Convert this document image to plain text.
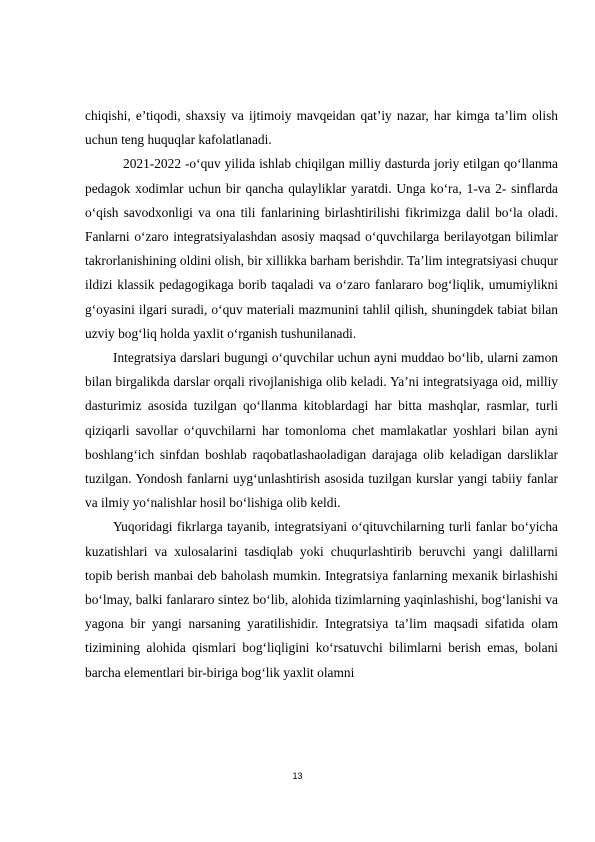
chiqishi, e’tiqodi, shaxsiy va ijtimoiy mavqeidan qat’iy nazar, har kimga ta’lim olish uchun teng huquqlar kafolatlanadi.

2021-2022 -o‘quv yilida ishlab chiqilgan milliy dasturda joriy etilgan qo‘llanma pedagok xodimlar uchun bir qancha qulayliklar yaratdi. Unga ko‘ra, 1-va 2- sinflarda o‘qish savodxonligi va ona tili fanlarining birlashtirilishi fikrimizga dalil bo‘la oladi. Fanlarni o‘zaro integratsiyalashdan asosiy maqsad o‘quvchilarga berilayotgan bilimlar takrorlanishining oldini olish, bir xillikka barham berishdir. Ta’lim integratsiyasi chuqur ildizi klassik pedagogikaga borib taqaladi va o‘zaro fanlararo bog‘liqlik, umumiylikni g‘oyasini ilgari suradi, o‘quv materiali mazmunini tahlil qilish, shuningdek tabiat bilan uzviy bog‘liq holda yaxlit o‘rganish tushunilanadi.

Integratsiya darslari bugungi o‘quvchilar uchun ayni muddao bo‘lib, ularni zamon bilan birgalikda darslar orqali rivojlanishiga olib keladi. Ya’ni integratsiyaga oid, milliy dasturimiz asosida tuzilgan qo‘llanma kitoblardagi har bitta mashqlar, rasmlar, turli qiziqarli savollar o‘quvchilarni har tomonloma chet mamlakatlar yoshlari bilan ayni boshlang‘ich sinfdan boshlab raqobatlashaoladigan darajaga olib keladigan darsliklar tuzilgan. Yondosh fanlarni uyg‘unlashtirish asosida tuzilgan kurslar yangi tabiiy fanlar va ilmiy yo‘nalishlar hosil bo‘lishiga olib keldi.

Yuqoridagi fikrlarga tayanib, integratsiyani o‘qituvchilarning turli fanlar bo‘yicha kuzatishlari va xulosalarini tasdiqlab yoki chuqurlashtirib beruvchi yangi dalillarni topib berish manbai deb baholash mumkin. Integratsiya fanlarning mexanik birlashishi bo‘lmay, balki fanlararo sintez bo‘lib, alohida tizimlarning yaqinlashishi, bog‘lanishi va yagona bir yangi narsaning yaratilishidir. Integratsiya ta’lim maqsadi sifatida olam tizimining alohida qismlari bog‘liqligini ko‘rsatuvchi bilimlarni berish emas, bolani barcha elementlari bir-biriga bog‘lik yaxlit olamni

13
